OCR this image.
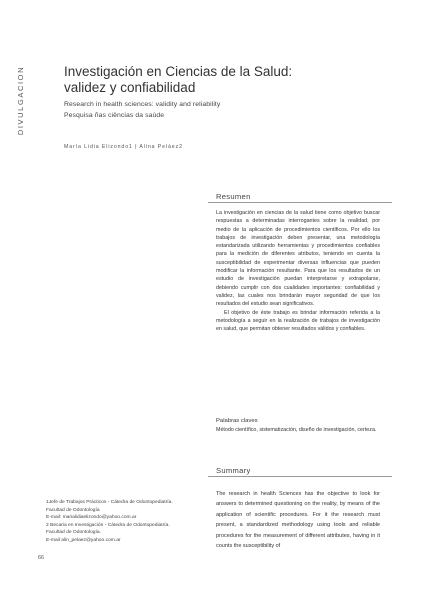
DIVULGACION	Investigación en Ciencias de la Salud:
validez y confiabilidad
Research in health sciences: validity and reliability
Pesquisa ñas ciências da saúde
María Lidia Elizondo1 | Alina Peláez2
Resumen

La investigación en ciencias de la salud tiene como objetivo buscar respuestas a determinadas interrogantes sobre la realidad, por medio de la aplicación de procedimientos científicos. Por ello los trabajos de investigación deben presentar, una metodología estandarizada utilizando herramientas y procedimientos confiables para la medición de diferentes atributos, teniendo en cuenta la susceptibilidad de experimentar diversas influencias que pueden modificar la información resultante. Para que los resultados de un estudio de investigación puedan interpretarse y extrapolarse, debiendo cumplir con dos cualidades importantes: confiabilidad y validez, las cuales nos brindarán mayor seguridad de que los resultados del estudio sean significativos.

El objetivo de éste trabajo es brindar información referida a la metodología a seguir en la realización de trabajos de investigación en salud, que permitan obtener resultados válidos y confiables.

Palabras claves
Método científico, sistematización, diseño de investigación, certeza.
Summary
The research in health Sciences has the objective to look for answers to determined questioning on the reality, by means of the application of scientific procedures. For it the research must present, a standardized methodology using tools and reliable procedures for the measurement of different attributes, having in it counts the susceptibility of
1Jefe de Trabajos Prácticos - Cátedra de Odontopediatría.
Facultad de Odontología
E-mail: marialidiaelizondo@yahoo.com.ar
2 Becaria en Investigación - Cátedra de Odontopediatría.
Facultad de Odontología.
E-mail alin_pelaez@yahoo.com.ar
66
